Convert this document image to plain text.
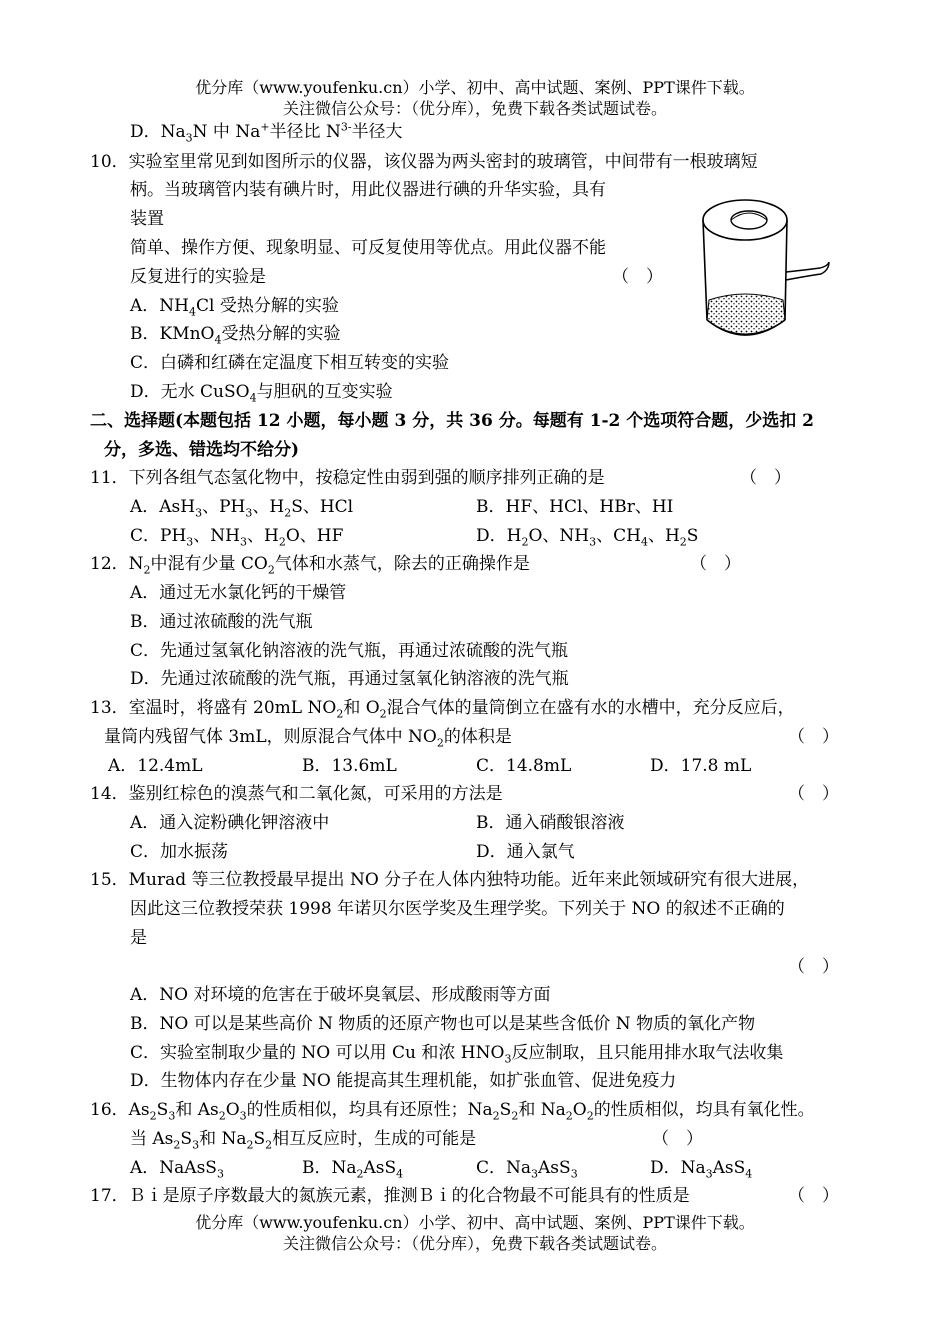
优分库（www.youfenku.cn）小学、初中、高中试题、案例、PPT课件下载。
关注微信公众号：（优分库），免费下载各类试题试卷。
D．$Na_3N$ 中 Na+半径比 $N^{3-}$半径大
10．实验室里常见到如图所示的仪器，该仪器为两头密封的玻璃管，中间带有一根玻璃短
柄。当玻璃管内装有碘片时，用此仪器进行碘的升华实验，具有
装置
简单、操作方便、现象明显、可反复使用等优点。用此仪器不能
反复进行的实验是	（　）
A．$NH_4Cl$ 受热分解的实验
B．KMnO$_4$受热分解的实验
C．白磷和红磷在定温度下相互转变的实验
D．无水 CuSO$_4$与胆矾的互变实验
二、选择题(本题包括 12 小题，每小题 3 分，共 36 分。每题有 1-2 个选项符合题，少选扣 2
分，多选、错选均不给分)
11．下列各组气态氢化物中，按稳定性由弱到强的顺序排列正确的是	（　）
A．AsH$_3$、$PH_3$、$H_2S$、HCl	B．HF、HCl、HBr、HI
C．$PH_3$、$NH_3$、$H_2O$、HF	D．$H_2O$、$NH_3$、$CH_4$、$H_2S$
12．$N_2$中混有少量 $CO_2$气体和水蒸气，除去的正确操作是	（　）
A．通过无水氯化钙的干燥管
B．通过浓硫酸的洗气瓶
C．先通过氢氧化钠溶液的洗气瓶，再通过浓硫酸的洗气瓶
D．先通过浓硫酸的洗气瓶，再通过氢氧化钠溶液的洗气瓶
13．室温时，将盛有 20mL $NO_2$和 $O_2$混合气体的量筒倒立在盛有水的水槽中，充分反应后，
量筒内残留气体 3mL，则原混合气体中 $NO_2$的体积是	（　）
A．12.4mL	B．13.6mL	C．14.8mL	D．17.8 mL
14．鉴别红棕色的溴蒸气和二氧化氮，可采用的方法是	（　）
A．通入淀粉碘化钾溶液中	B．通入硝酸银溶液
C．加水振荡	D．通入氯气
15．Murad 等三位教授最早提出 NO 分子在人体内独特功能。近年来此领域研究有很大进展，
因此这三位教授荣获 1998 年诺贝尔医学奖及生理学奖。下列关于 NO 的叙述不正确的
是
（　）
A．NO 对环境的危害在于破坏臭氧层、形成酸雨等方面
B．NO 可以是某些高价 N 物质的还原产物也可以是某些含低价 N 物质的氧化产物
C．实验室制取少量的 NO 可以用 Cu 和浓 $HNO_3$反应制取，且只能用排水取气法收集
D．生物体内存在少量 NO 能提高其生理机能，如扩张血管、促进免疫力
16．$As_2S_3$和 $As_2O_3$的性质相似，均具有还原性；$Na_2S_2$和 $Na_2O_2$的性质相似，均具有氧化性。
当 $As_2S_3$和 $Na_2S_2$相互反应时，生成的可能是	（　）
A．NaAsS$_3$	B．$Na_2AsS_4$	C．$Na_3AsS_3$	D．$Na_3AsS_4$
17．Ｂｉ是原子序数最大的氮族元素，推测Ｂｉ的化合物最不可能具有的性质是	（　）
优分库（www.youfenku.cn）小学、初中、高中试题、案例、PPT课件下载。
关注微信公众号：（优分库），免费下载各类试题试卷。
